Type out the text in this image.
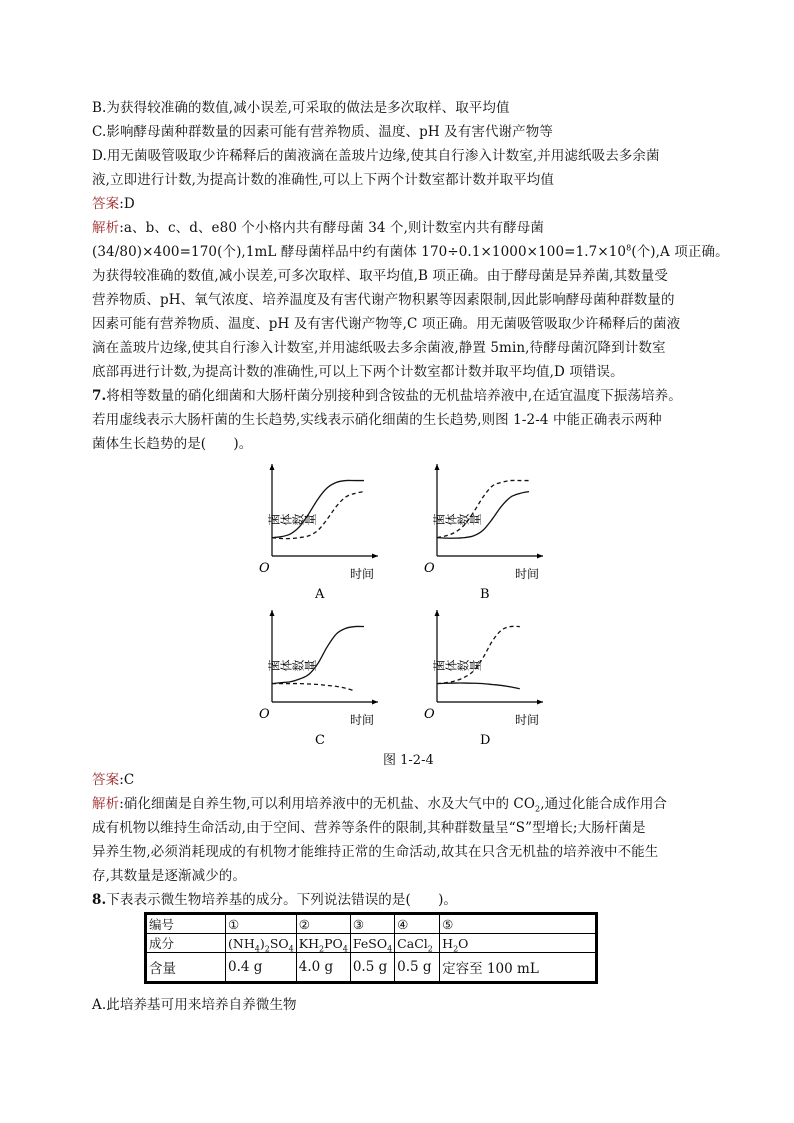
B.为获得较准确的数值,减小误差,可采取的做法是多次取样、取平均值
C.影响酵母菌种群数量的因素可能有营养物质、温度、pH 及有害代谢产物等
D.用无菌吸管吸取少许稀释后的菌液滴在盖玻片边缘,使其自行渗入计数室,并用滤纸吸去多余菌
液,立即进行计数,为提高计数的准确性,可以上下两个计数室都计数并取平均值
答案:D
解析:a、b、c、d、e80 个小格内共有酵母菌 34 个,则计数室内共有酵母菌
(34/80)×400=170(个),1mL 酵母菌样品中约有菌体 $170\div 0.1\times 1000\times 100=1.7\times 10^8$(个),A 项正确。
为获得较准确的数值,减小误差,可多次取样、取平均值,B 项正确。由于酵母菌是异养菌,其数量受
营养物质、pH、氧气浓度、培养温度及有害代谢产物积累等因素限制,因此影响酵母菌种群数量的
因素可能有营养物质、温度、pH 及有害代谢产物等,C 项正确。用无菌吸管吸取少许稀释后的菌液
滴在盖玻片边缘,使其自行渗入计数室,并用滤纸吸去多余菌液,静置 5min,待酵母菌沉降到计数室
底部再进行计数,为提高计数的准确性,可以上下两个计数室都计数并取平均值,D 项错误。
7.将相等数量的硝化细菌和大肠杆菌分别接种到含铵盐的无机盐培养液中,在适宜温度下振荡培养。
若用虚线表示大肠杆菌的生长趋势,实线表示硝化细菌的生长趋势,则图 1-2-4 中能正确表示两种
菌体生长趋势的是(　　)。
菌体数量
O	时间
A
菌体数量
O	时间
B
菌体数量
O	时间
C
菌体数量
O	时间
D
图 1-2-4
答案:C
解析:硝化细菌是自养生物,可以利用培养液中的无机盐、水及大气中的 $CO_2$,通过化能合成作用合
成有机物以维持生命活动,由于空间、营养等条件的限制,其种群数量呈“S”型增长;大肠杆菌是
异养生物,必须消耗现成的有机物才能维持正常的生命活动,故其在只含无机盐的培养液中不能生
存,其数量是逐渐减少的。
8.下表表示微生物培养基的成分。下列说法错误的是(　　)。
编号	①	②	③	④	⑤
成分	$(NH_4)_2SO_4$	$KH_2PO_4$	FeSO$_4$	CaCl$_2$	$H_2O$
含量	0.4 g	4.0 g	0.5 g	0.5 g	定容至 100 mL
A.此培养基可用来培养自养微生物
